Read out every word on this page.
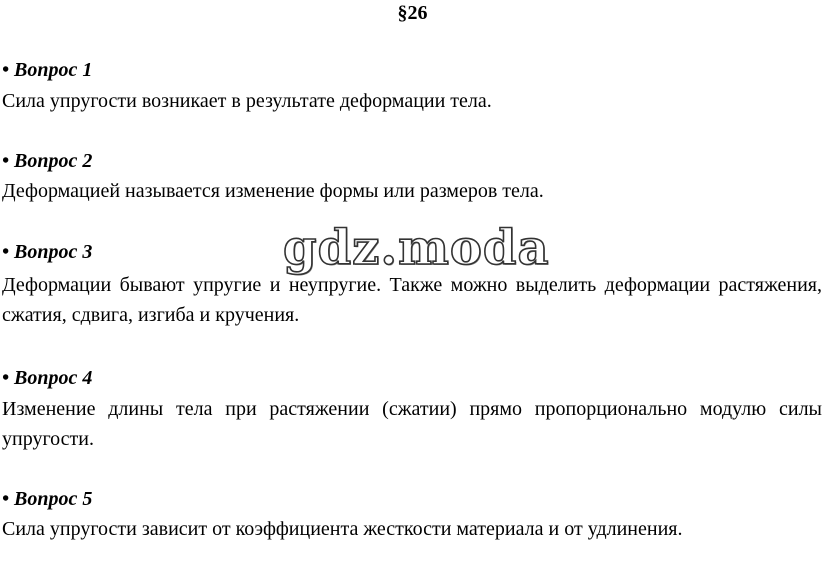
§26
• Вопрос 1
Сила упругости возникает в результате деформации тела.
• Вопрос 2
Деформацией называется изменение формы или размеров тела.
• Вопрос 3
Деформации бывают упругие и неупругие. Также можно выделить деформации растяжения, сжатия, сдвига, изгиба и кручения.
• Вопрос 4
Изменение длины тела при растяжении (сжатии) прямо пропорционально модулю силы упругости.
• Вопрос 5
Сила упругости зависит от коэффициента жесткости материала и от удлинения.
gdz.moda
